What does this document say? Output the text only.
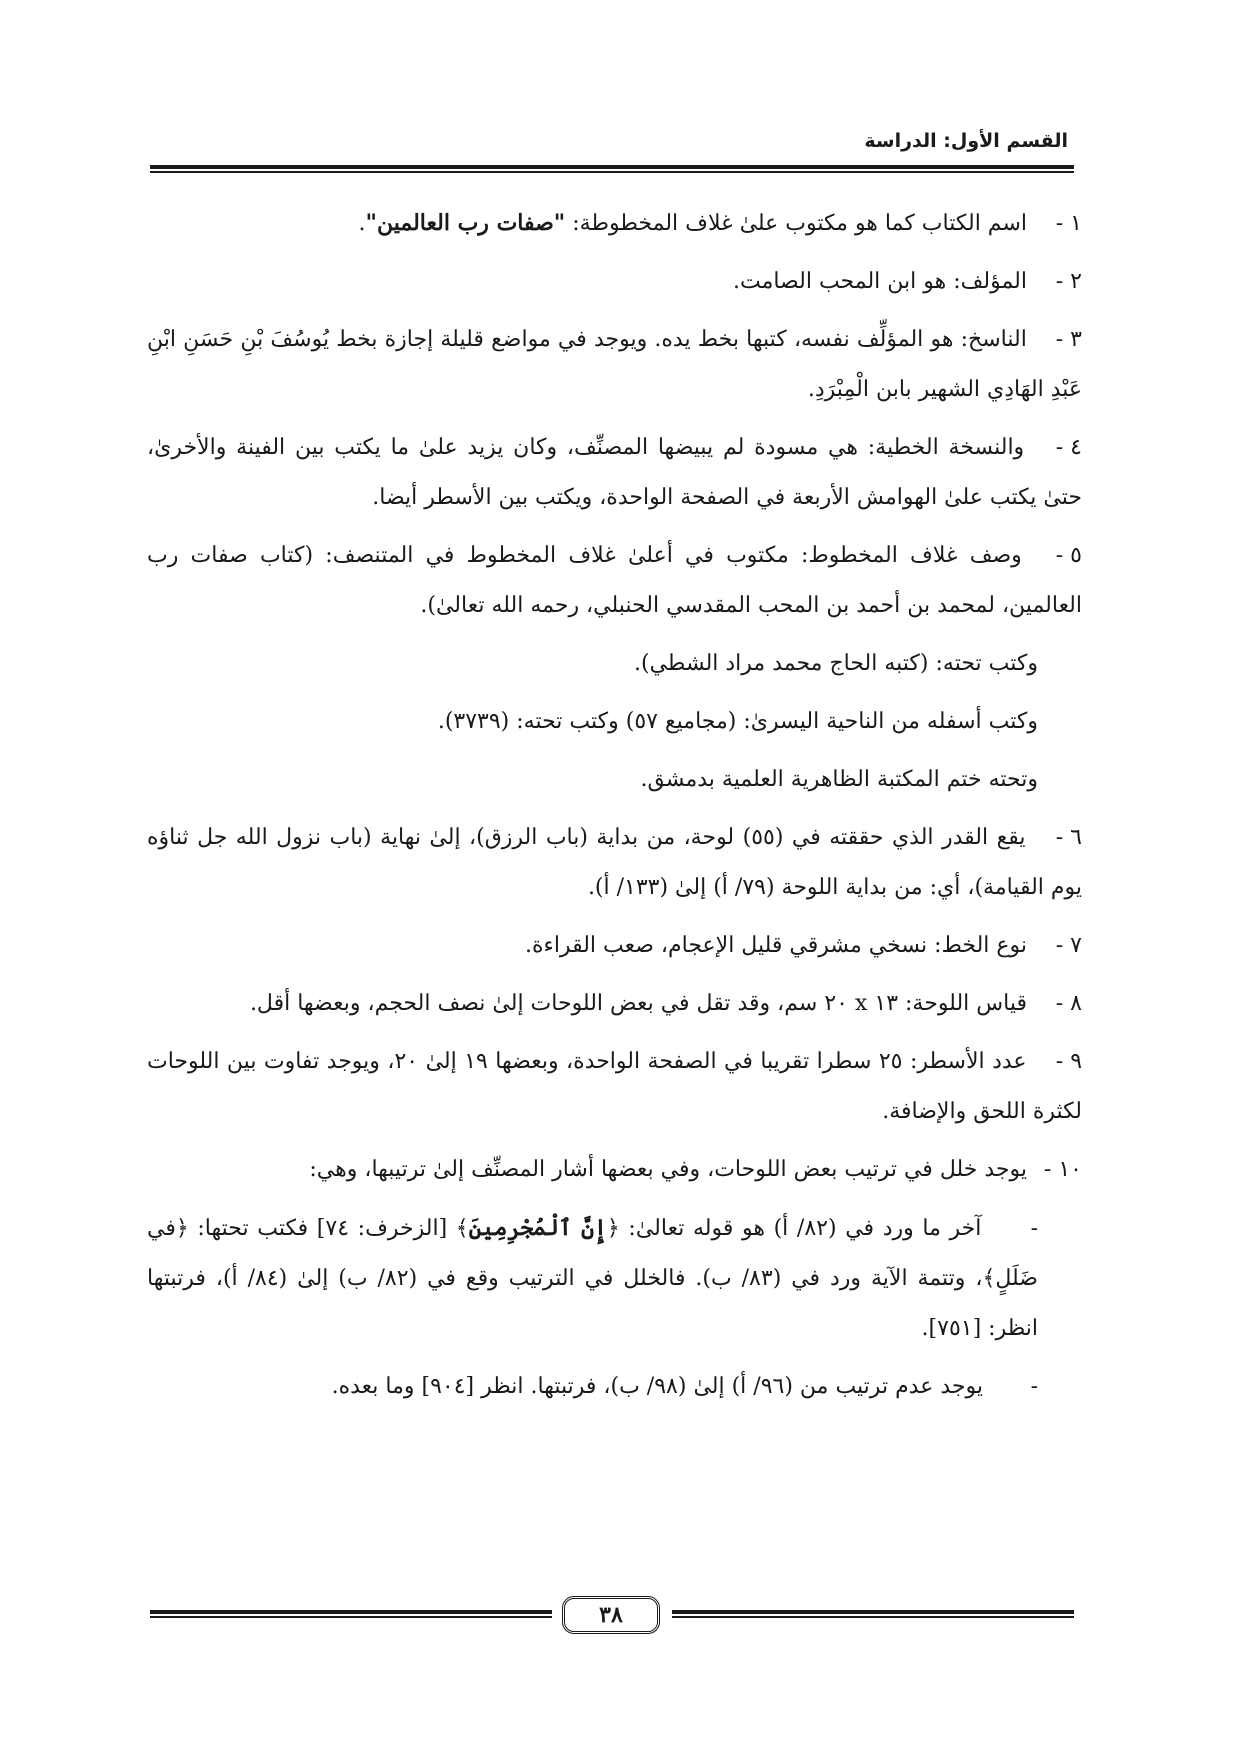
القسم الأول: الدراسة

١ - اسم الكتاب كما هو مكتوب علىٰ غلاف المخطوطة: "صفات رب العالمين".

٢ - المؤلف: هو ابن المحب الصامت.

٣ - الناسخ: هو المؤلِّف نفسه، كتبها بخط يده. ويوجد في مواضع قليلة إجازة بخط يُوسُفَ بْنِ حَسَنِ ابْنِ عَبْدِ الهَادِي الشهير بابن الْمِبْرَدِ.

٤ - والنسخة الخطية: هي مسودة لم يبيضها المصنِّف، وكان يزيد علىٰ ما يكتب بين الفينة والأخرىٰ، حتىٰ يكتب علىٰ الهوامش الأربعة في الصفحة الواحدة، ويكتب بين الأسطر أيضا.

٥ - وصف غلاف المخطوط: مكتوب في أعلىٰ غلاف المخطوط في المتنصف: (كتاب صفات رب العالمين، لمحمد بن أحمد بن المحب المقدسي الحنبلي، رحمه الله تعالىٰ).

وكتب تحته: (كتبه الحاج محمد مراد الشطي).

وكتب أسفله من الناحية اليسرىٰ: (مجاميع ٥٧) وكتب تحته: (٣٧٣٩).

وتحته ختم المكتبة الظاهرية العلمية بدمشق.

٦ - يقع القدر الذي حققته في (٥٥) لوحة، من بداية (باب الرزق)، إلىٰ نهاية (باب نزول الله جل ثناؤه يوم القيامة)، أي: من بداية اللوحة (٧٩/ أ) إلىٰ (١٣٣/ أ).

٧ - نوع الخط: نسخي مشرقي قليل الإعجام، صعب القراءة.

٨ - قياس اللوحة: ١٣ x ٢٠ سم، وقد تقل في بعض اللوحات إلىٰ نصف الحجم، وبعضها أقل.

٩ - عدد الأسطر: ٢٥ سطرا تقريبا في الصفحة الواحدة، وبعضها ١٩ إلىٰ ٢٠، ويوجد تفاوت بين اللوحات لكثرة اللحق والإضافة.

١٠ - يوجد خلل في ترتيب بعض اللوحات، وفي بعضها أشار المصنِّف إلىٰ ترتيبها، وهي:

- آخر ما ورد في (٨٢/ أ) هو قوله تعالىٰ: ﴿إِنَّ ٱلْمُجْرِمِينَ﴾ [الزخرف: ٧٤] فكتب تحتها: ﴿في ضَلَلٍ﴾، وتتمة الآية ورد في (٨٣/ ب). فالخلل في الترتيب وقع في (٨٢/ ب) إلىٰ (٨٤/ أ)، فرتبتها انظر: [٧٥١].

- يوجد عدم ترتيب من (٩٦/ أ) إلىٰ (٩٨/ ب)، فرتبتها. انظر [٩٠٤] وما بعده.

٣٨
